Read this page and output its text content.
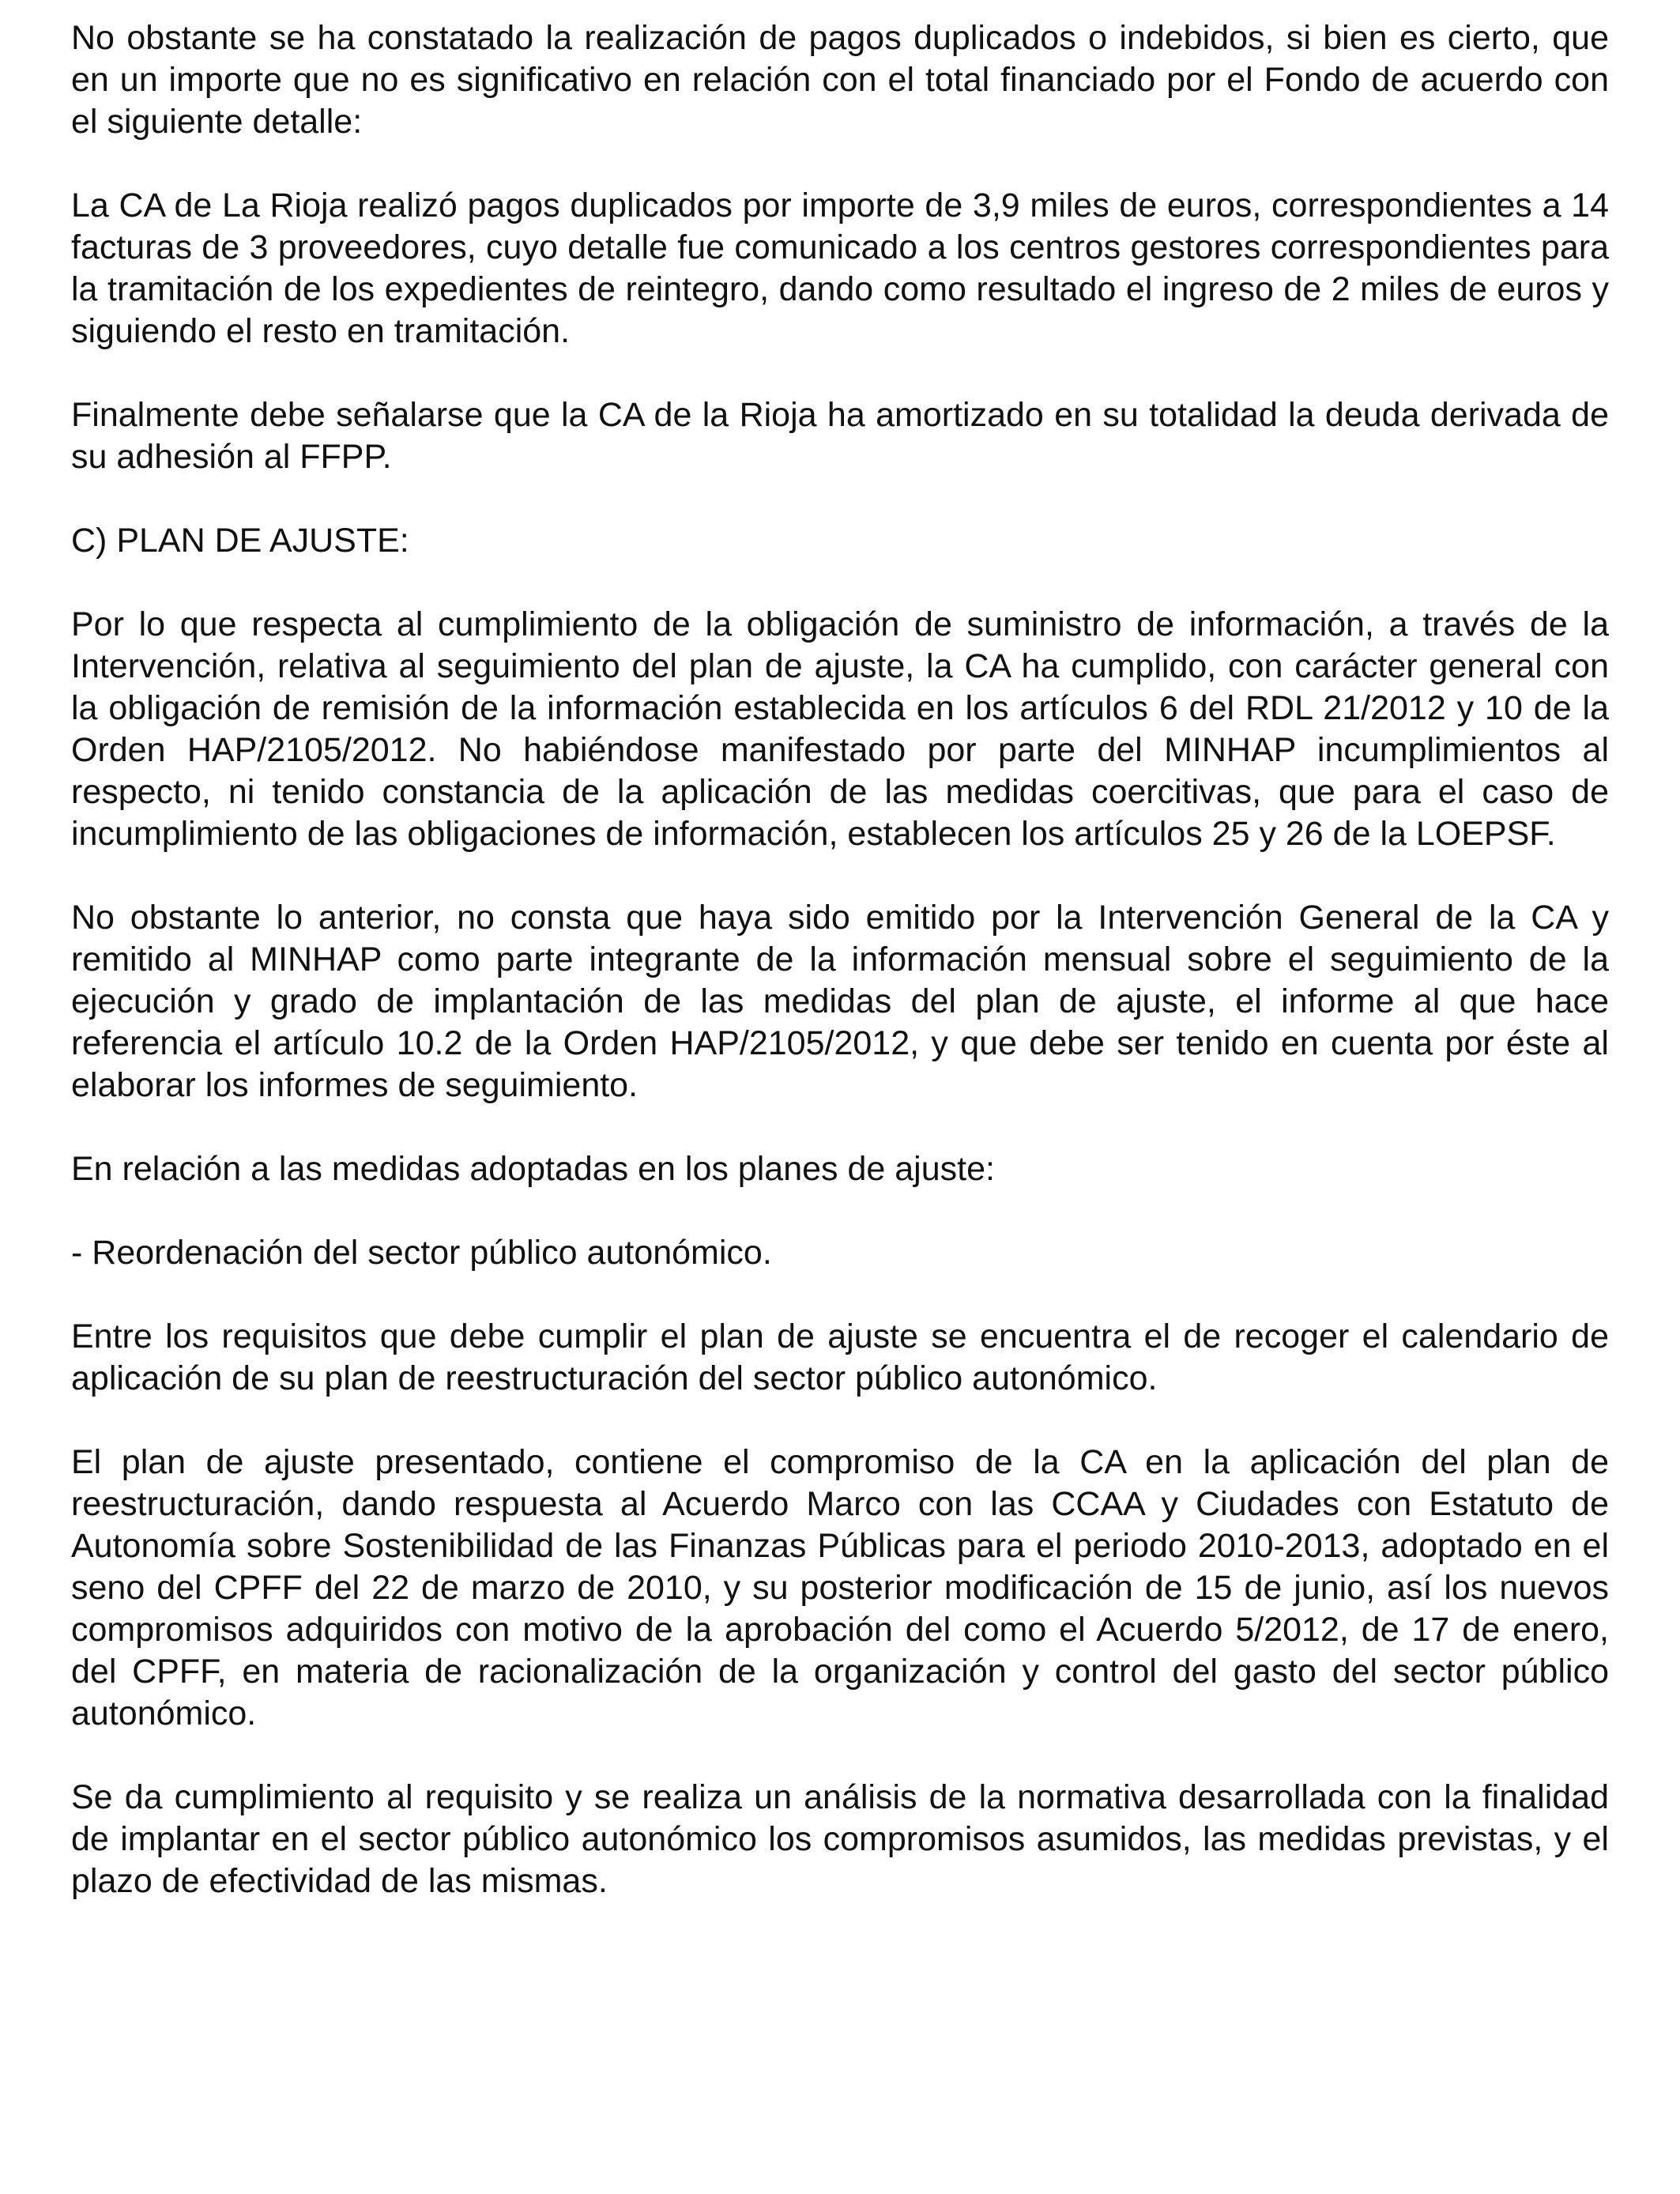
No obstante se ha constatado la realización de pagos duplicados o indebidos, si bien es cierto, que en un importe que no es significativo en relación con el total financiado por el Fondo de acuerdo con el siguiente detalle:

La CA de La Rioja realizó pagos duplicados por importe de 3,9 miles de euros, correspondientes a 14 facturas de 3 proveedores, cuyo detalle fue comunicado a los centros gestores correspondientes para la tramitación de los expedientes de reintegro, dando como resultado el ingreso de 2 miles de euros y siguiendo el resto en tramitación.

Finalmente debe señalarse que la CA de la Rioja ha amortizado en su totalidad la deuda derivada de su adhesión al FFPP.

C) PLAN DE AJUSTE:

Por lo que respecta al cumplimiento de la obligación de suministro de información, a través de la Intervención, relativa al seguimiento del plan de ajuste, la CA ha cumplido, con carácter general con la obligación de remisión de la información establecida en los artículos 6 del RDL 21/2012 y 10 de la Orden HAP/2105/2012. No habiéndose manifestado por parte del MINHAP incumplimientos al respecto, ni tenido constancia de la aplicación de las medidas coercitivas, que para el caso de incumplimiento de las obligaciones de información, establecen los artículos 25 y 26 de la LOEPSF.

No obstante lo anterior, no consta que haya sido emitido por la Intervención General de la CA y remitido al MINHAP como parte integrante de la información mensual sobre el seguimiento de la ejecución y grado de implantación de las medidas del plan de ajuste, el informe al que hace referencia el artículo 10.2 de la Orden HAP/2105/2012, y que debe ser tenido en cuenta por éste al elaborar los informes de seguimiento.

En relación a las medidas adoptadas en los planes de ajuste:

- Reordenación del sector público autonómico.

Entre los requisitos que debe cumplir el plan de ajuste se encuentra el de recoger el calendario de aplicación de su plan de reestructuración del sector público autonómico.

El plan de ajuste presentado, contiene el compromiso de la CA en la aplicación del plan de reestructuración, dando respuesta al Acuerdo Marco con las CCAA y Ciudades con Estatuto de Autonomía sobre Sostenibilidad de las Finanzas Públicas para el periodo 2010-2013, adoptado en el seno del CPFF del 22 de marzo de 2010, y su posterior modificación de 15 de junio, así los nuevos compromisos adquiridos con motivo de la aprobación del como el Acuerdo 5/2012, de 17 de enero, del CPFF, en materia de racionalización de la organización y control del gasto del sector público autonómico.

Se da cumplimiento al requisito y se realiza un análisis de la normativa desarrollada con la finalidad de implantar en el sector público autonómico los compromisos asumidos, las medidas previstas, y el plazo de efectividad de las mismas.
